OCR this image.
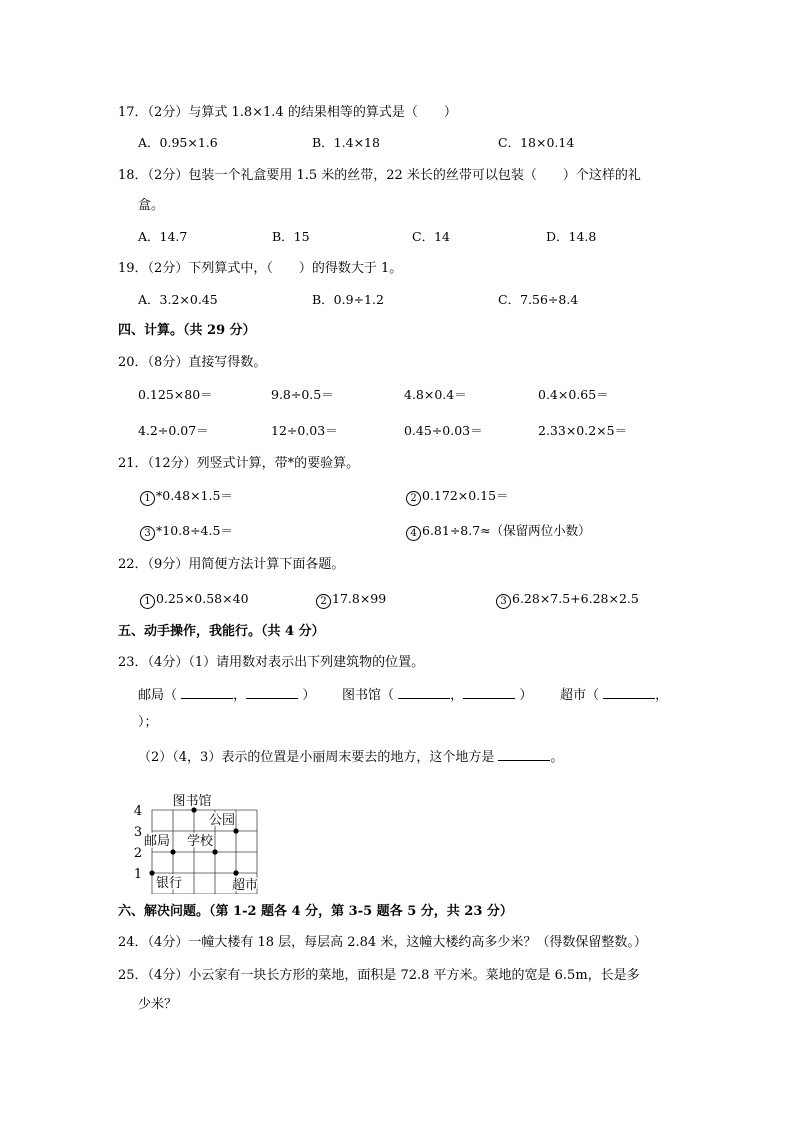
17．（2分）与算式 1.8×1.4 的结果相等的算式是（　　）
A．0.95×1.6	B．1.4×18	C．18×0.14
18．（2分）包装一个礼盒要用 1.5 米的丝带，22 米长的丝带可以包装（　　）个这样的礼
盒。
A．14.7	B．15	C．14	D．14.8
19．（2分）下列算式中，（　　）的得数大于 1。
A．3.2×0.45	B．0.9÷1.2	C．7.56÷8.4
四、计算。（共 29 分）
20．（8分）直接写得数。
0.125×80＝	9.8÷0.5＝	4.8×0.4＝	0.4×0.65＝
4.2÷0.07＝	12÷0.03＝	0.45÷0.03＝	2.33×0.2×5＝
21．（12分）列竖式计算，带*的要验算。
1 *0.48×1.5＝	2 0.172×0.15＝
3 *10.8÷4.5＝	4 6.81÷8.7≈（保留两位小数）
22．（9分）用简便方法计算下面各题。
1 0.25×0.58×40	2 17.8×99	3 6.28×7.5+6.28×2.5
五、动手操作，我能行。（共 4 分）
23．（4分）（1）请用数对表示出下列建筑物的位置。
邮局（	，	） 图书馆（	，	） 超市（	，
）；
（2）（4，3）表示的位置是小丽周末要去的地方，这个地方是	。
图书馆
公园
邮局 学校
银行	超市
1
2
3
4
六、解决问题。（第 1-2 题各 4 分，第 3-5 题各 5 分，共 23 分）
24．（4分）一幢大楼有 18 层，每层高 2.84 米，这幢大楼约高多少米？（得数保留整数。）
25．（4分）小云家有一块长方形的菜地，面积是 72.8 平方米。菜地的宽是 6.5m，长是多
少米？
